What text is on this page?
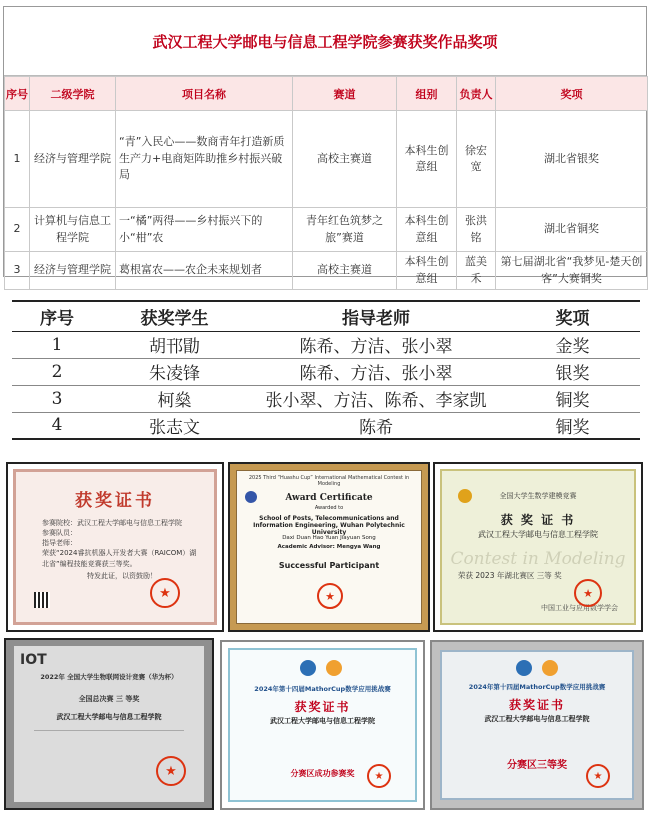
武汉工程大学邮电与信息工程学院参赛获奖作品奖项
序号	二级学院	项目名称	赛道	组别	负责人	奖项
1	经济与管理学院	“青”入民心——数商青年打造新质生产力+电商矩阵助推乡村振兴破局	高校主赛道	本科生创意组	徐宏宽	湖北省银奖
2	计算机与信息工程学院	一“橘”两得——乡村振兴下的小“柑”农	青年红色筑梦之旅”赛道	本科生创意组	张洪铭	湖北省铜奖
3	经济与管理学院	葛根富农——农企未来规划者	高校主赛道	本科生创意组	蓝美禾	第七届湖北省“我梦见-楚天创客”大赛铜奖
序号	获奖学生	指导老师	奖项
1	胡邗勖	陈希、方洁、张小翠	金奖
2	朱凌锋	陈希、方洁、张小翠	银奖
3	柯燊	张小翠、方洁、陈希、李家凯	铜奖
4	张志文	陈希	铜奖
获奖证书
参赛院校：武汉工程大学邮电与信息工程学院
参赛队员：
指导老师：
荣获“2024睿抗机器人开发者大赛（RAICOM）湖北省”编程技能竞赛获三等奖。
特发此证，以资鼓励！
★
2025 Third “Huashu Cup” International Mathematical Contest in Modeling
Award Certificate
Awarded to
School of Posts, Telecommunications and Information Engineering, Wuhan Polytechnic University
Daxi Duan Hao Yuan Jiayuan Song
Academic Advisor: Mengya Wang
Successful Participant
★
全国大学生数学建模竞赛
获 奖 证 书
武汉工程大学邮电与信息工程学院
Contest in Modeling
荣获 2023 年湖北赛区 三等 奖
中国工业与应用数学学会
★
IOT
2022年 全国大学生物联网设计竞赛（华为杯）
全国总决赛 三 等奖
武汉工程大学邮电与信息工程学院
★
2024年第十四届MathorCup数学应用挑战赛
获奖证书
武汉工程大学邮电与信息工程学院
分赛区成功参赛奖	★
2024年第十四届MathorCup数学应用挑战赛
获奖证书
武汉工程大学邮电与信息工程学院
分赛区三等奖
★
